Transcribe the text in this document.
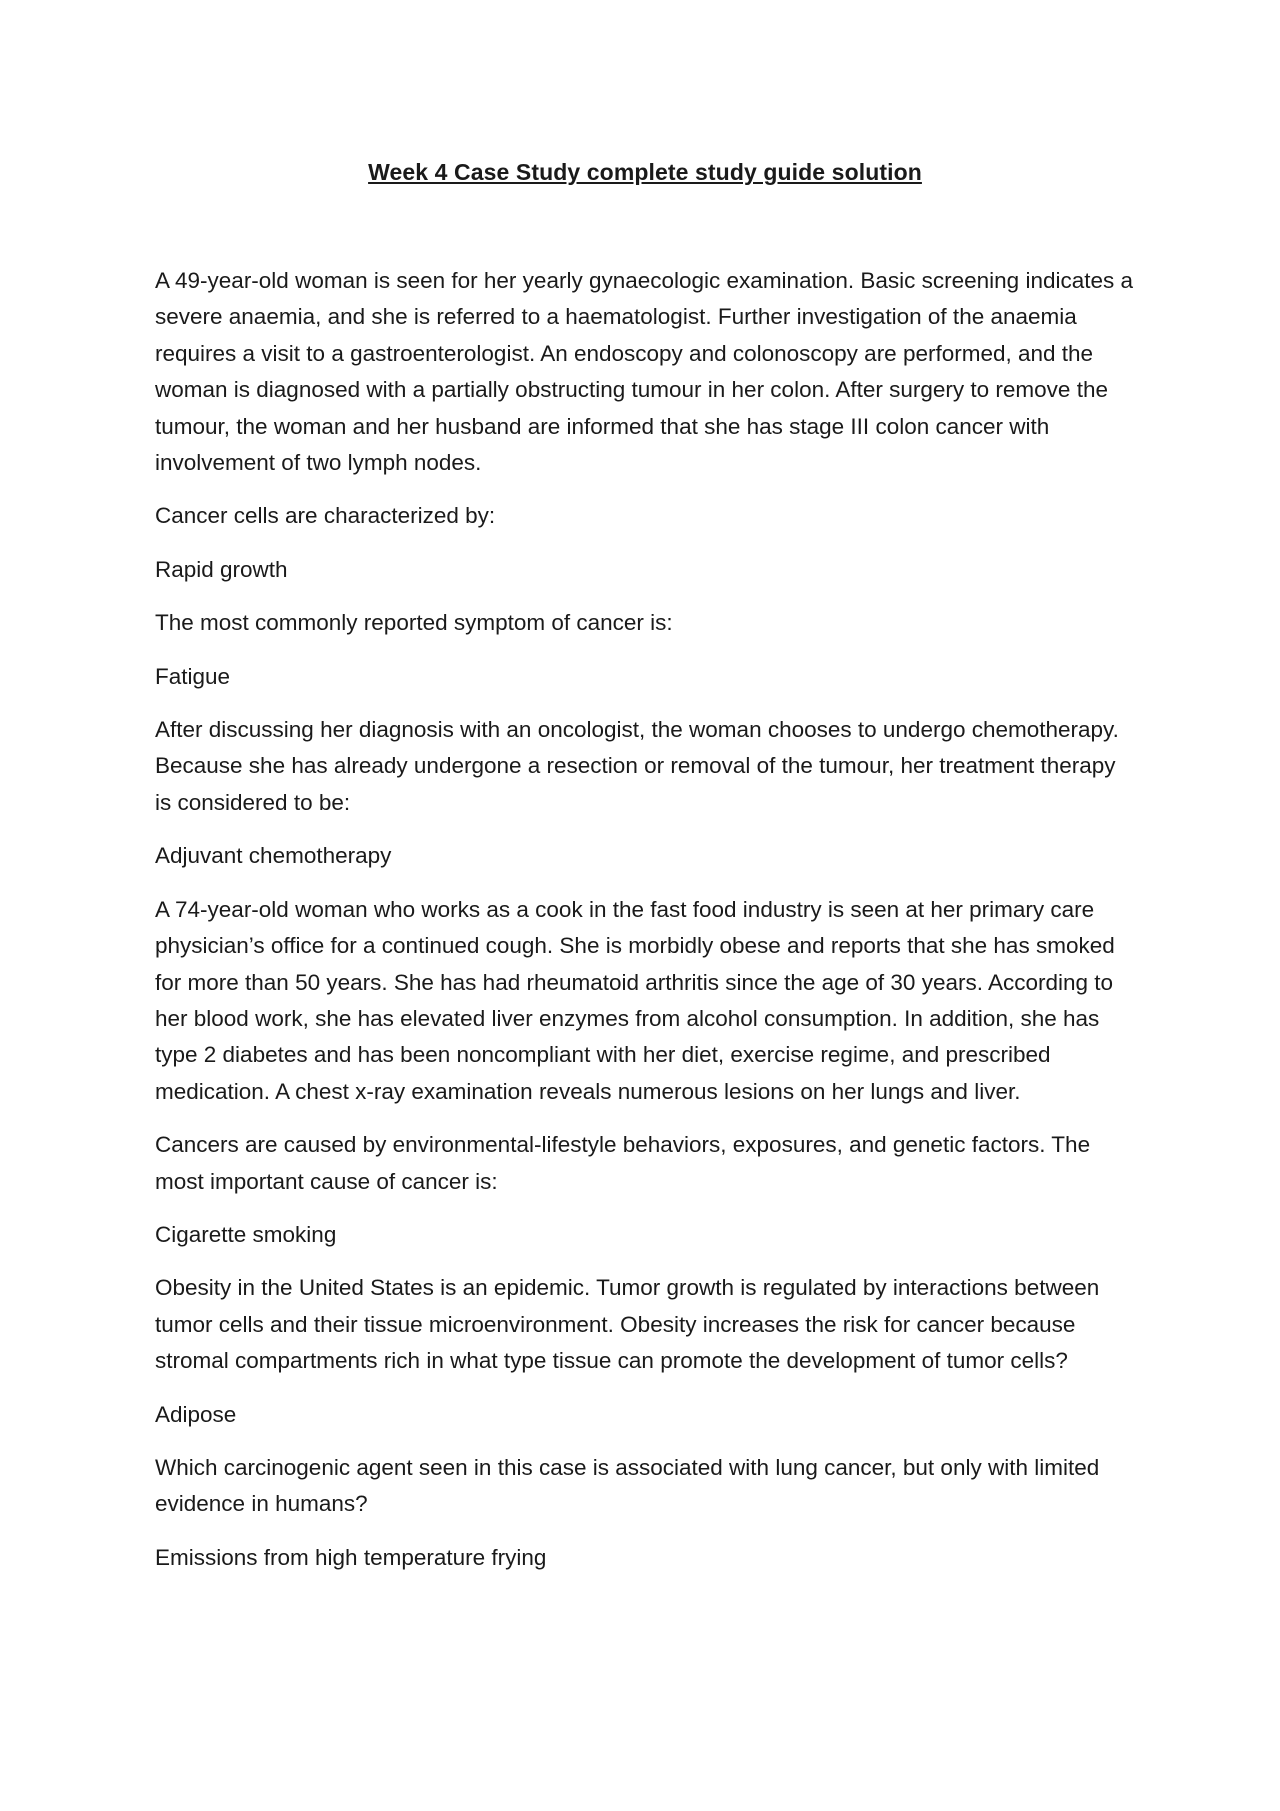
Week 4 Case Study complete study guide solution

A 49-year-old woman is seen for her yearly gynaecologic examination. Basic screening indicates a severe anaemia, and she is referred to a haematologist. Further investigation of the anaemia requires a visit to a gastroenterologist. An endoscopy and colonoscopy are performed, and the woman is diagnosed with a partially obstructing tumour in her colon. After surgery to remove the tumour, the woman and her husband are informed that she has stage III colon cancer with involvement of two lymph nodes.

Cancer cells are characterized by:

Rapid growth

The most commonly reported symptom of cancer is:

Fatigue

After discussing her diagnosis with an oncologist, the woman chooses to undergo chemotherapy. Because she has already undergone a resection or removal of the tumour, her treatment therapy is considered to be:

Adjuvant chemotherapy

A 74-year-old woman who works as a cook in the fast food industry is seen at her primary care physician’s office for a continued cough. She is morbidly obese and reports that she has smoked for more than 50 years. She has had rheumatoid arthritis since the age of 30 years. According to her blood work, she has elevated liver enzymes from alcohol consumption. In addition, she has type 2 diabetes and has been noncompliant with her diet, exercise regime, and prescribed medication. A chest x-ray examination reveals numerous lesions on her lungs and liver.

Cancers are caused by environmental-lifestyle behaviors, exposures, and genetic factors. The most important cause of cancer is:

Cigarette smoking

Obesity in the United States is an epidemic. Tumor growth is regulated by interactions between tumor cells and their tissue microenvironment. Obesity increases the risk for cancer because stromal compartments rich in what type tissue can promote the development of tumor cells?

Adipose

Which carcinogenic agent seen in this case is associated with lung cancer, but only with limited evidence in humans?

Emissions from high temperature frying
